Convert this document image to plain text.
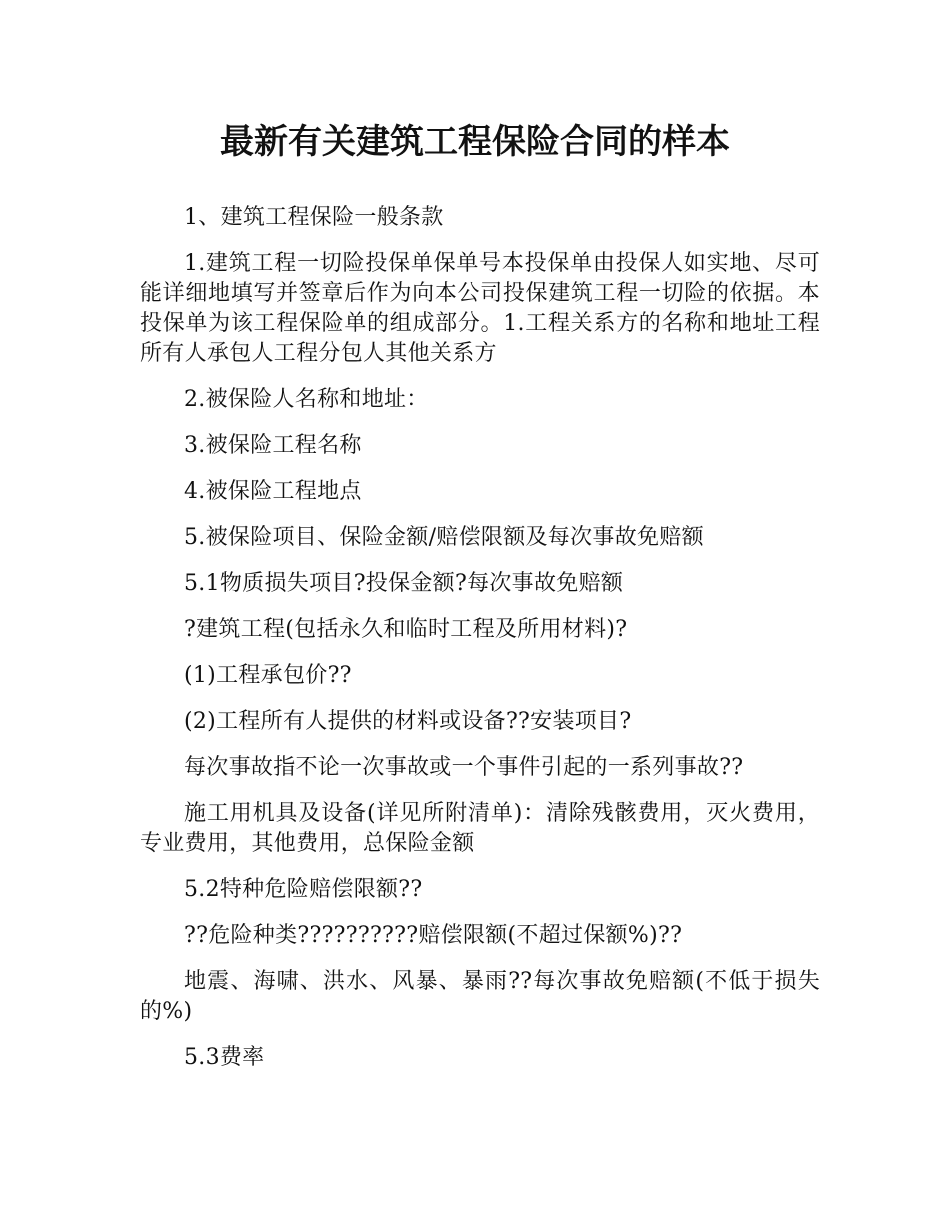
最新有关建筑工程保险合同的样本

1、建筑工程保险一般条款

1.建筑工程一切险投保单保单号本投保单由投保人如实地、尽可能详细地填写并签章后作为向本公司投保建筑工程一切险的依据。本投保单为该工程保险单的组成部分。1.工程关系方的名称和地址工程所有人承包人工程分包人其他关系方

2.被保险人名称和地址：

3.被保险工程名称

4.被保险工程地点

5.被保险项目、保险金额/赔偿限额及每次事故免赔额

5.1物质损失项目?投保金额?每次事故免赔额

?建筑工程(包括永久和临时工程及所用材料)?

(1)工程承包价??

(2)工程所有人提供的材料或设备??安装项目?

每次事故指不论一次事故或一个事件引起的一系列事故??

施工用机具及设备(详见所附清单)：清除残骸费用，灭火费用，专业费用，其他费用，总保险金额

5.2特种危险赔偿限额??

??危险种类??????????赔偿限额(不超过保额%)??

地震、海啸、洪水、风暴、暴雨??每次事故免赔额(不低于损失的%)

5.3费率
